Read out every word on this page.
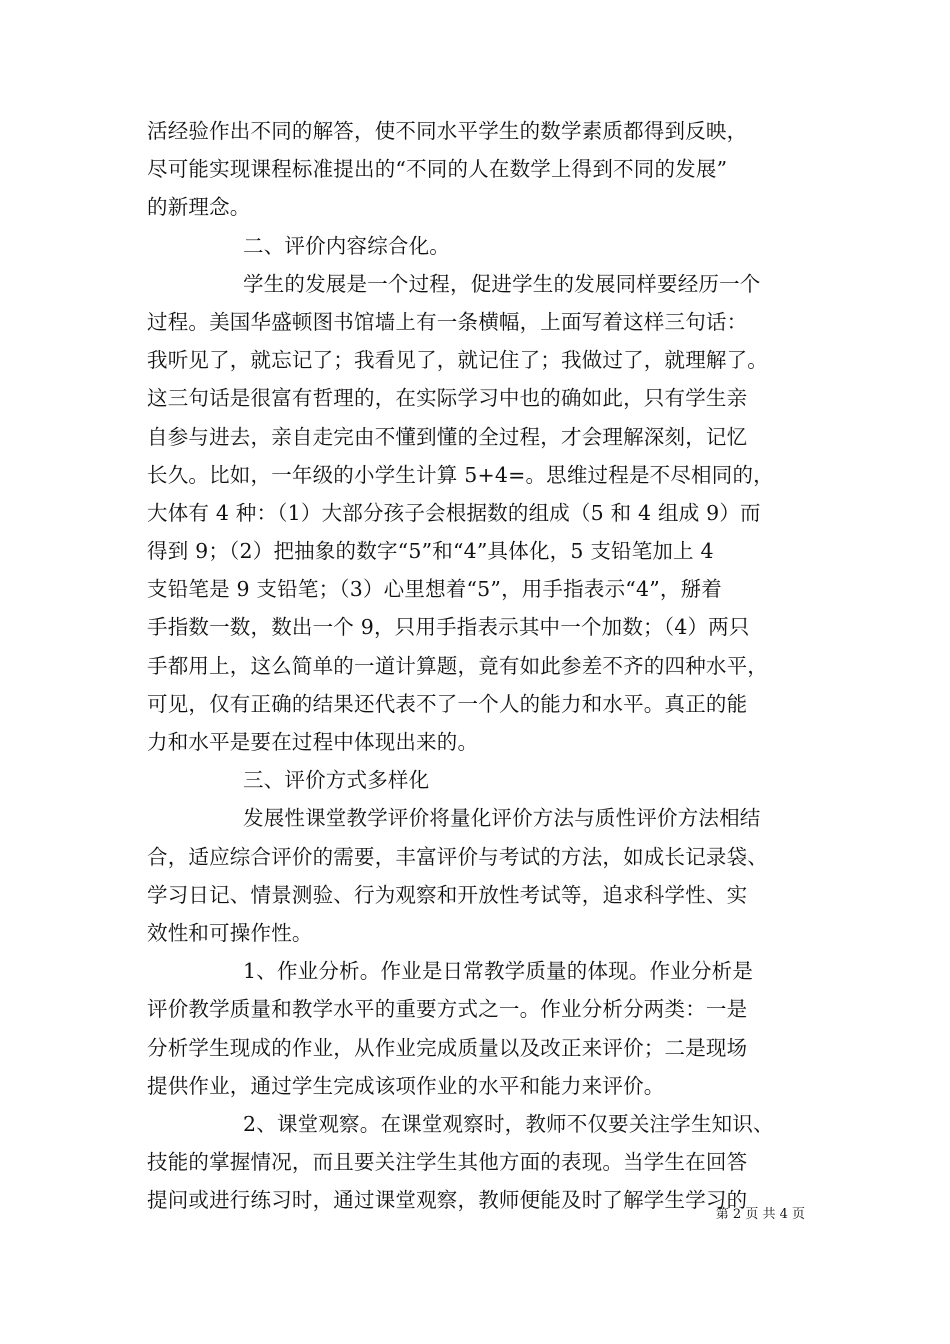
活经验作出不同的解答，使不同水平学生的数学素质都得到反映，
尽可能实现课程标准提出的“不同的人在数学上得到不同的发展”
的新理念。
二、评价内容综合化。
学生的发展是一个过程，促进学生的发展同样要经历一个
过程。美国华盛顿图书馆墙上有一条横幅，上面写着这样三句话：
我听见了，就忘记了；我看见了，就记住了；我做过了，就理解了。
这三句话是很富有哲理的，在实际学习中也的确如此，只有学生亲
自参与进去，亲自走完由不懂到懂的全过程，才会理解深刻，记忆
长久。比如，一年级的小学生计算 5+4=。思维过程是不尽相同的，
大体有 4 种：（1）大部分孩子会根据数的组成（5 和 4 组成 9）而
得到 9；（2）把抽象的数字“5”和“4”具体化，5 支铅笔加上 4
支铅笔是 9 支铅笔；（3）心里想着“5”，用手指表示“4”，掰着
手指数一数，数出一个 9，只用手指表示其中一个加数；（4）两只
手都用上，这么简单的一道计算题，竟有如此参差不齐的四种水平，
可见，仅有正确的结果还代表不了一个人的能力和水平。真正的能
力和水平是要在过程中体现出来的。
三、评价方式多样化
发展性课堂教学评价将量化评价方法与质性评价方法相结
合，适应综合评价的需要，丰富评价与考试的方法，如成长记录袋、
学习日记、情景测验、行为观察和开放性考试等，追求科学性、实
效性和可操作性。
1、作业分析。作业是日常教学质量的体现。作业分析是
评价教学质量和教学水平的重要方式之一。作业分析分两类：一是
分析学生现成的作业，从作业完成质量以及改正来评价；二是现场
提供作业，通过学生完成该项作业的水平和能力来评价。
2、课堂观察。在课堂观察时，教师不仅要关注学生知识、
技能的掌握情况，而且要关注学生其他方面的表现。当学生在回答
提问或进行练习时，通过课堂观察，教师便能及时了解学生学习的
第 2 页 共 4 页
